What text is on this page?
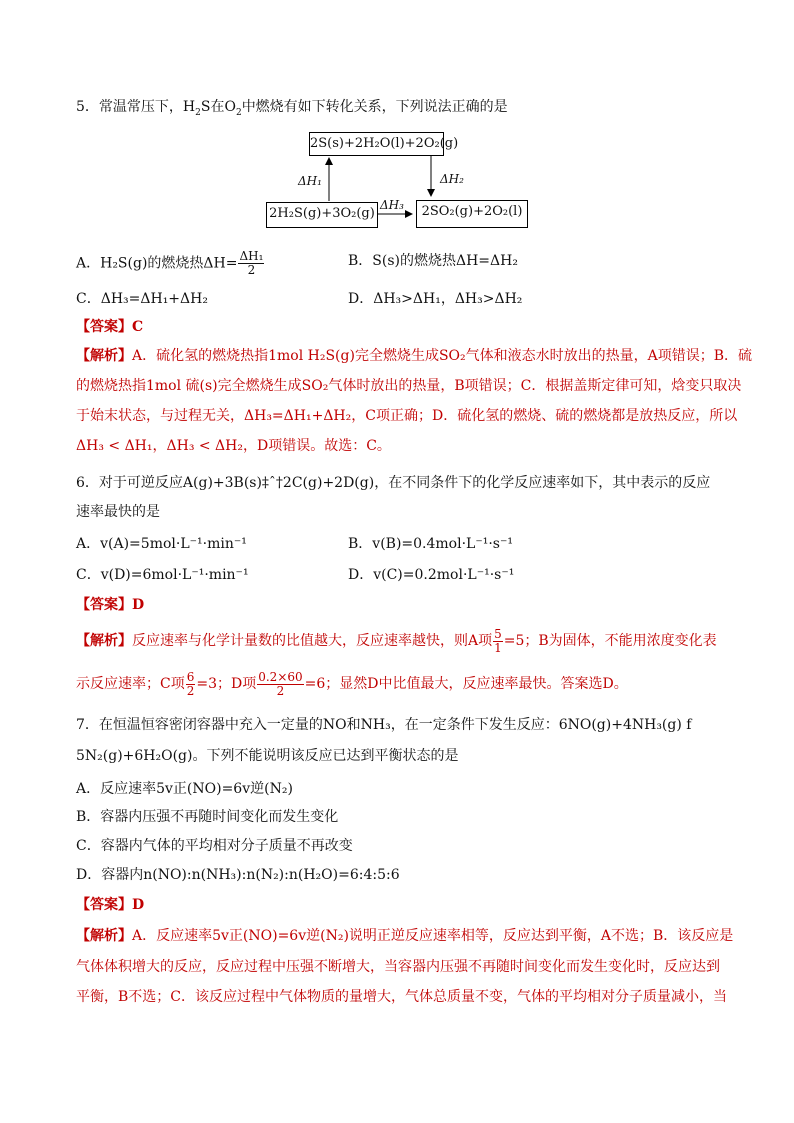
5．常温常压下，$H_2S$在$O_2$中燃烧有如下转化关系，下列说法正确的是
2S(s)+2H₂O(l)+2O₂(g)
2H₂S(g)+3O₂(g)	2SO₂(g)+2O₂(l)
ΔH₁	ΔH₂
ΔH₃
A．H₂S(g)的燃烧热$\Delta H= \frac{\text{ΔH₁}}{2}$	B．S(s)的燃烧热ΔH=ΔH₂
C．ΔH₃=ΔH₁+ΔH₂	D．ΔH₃>ΔH₁，ΔH₃>ΔH₂
【答案】C
【解析】A．硫化氢的燃烧热指1mol H₂S(g)完全燃烧生成SO₂气体和液态水时放出的热量，A项错误；B．硫
的燃烧热指1mol 硫(s)完全燃烧生成SO₂气体时放出的热量，B项错误；C．根据盖斯定律可知，焓变只取决
于始末状态，与过程无关，ΔH₃=ΔH₁+ΔH₂，C项正确；D．硫化氢的燃烧、硫的燃烧都是放热反应，所以
ΔH₃ < ΔH₁，ΔH₃ < ΔH₂，D项错误。故选：C。
6．对于可逆反应A(g)+3B(s)‡ˆ†2C(g)+2D(g)，在不同条件下的化学反应速率如下，其中表示的反应
速率最快的是
A．v(A)=5mol·L⁻¹·min⁻¹	B．v(B)=0.4mol·L⁻¹·s⁻¹
C．v(D)=6mol·L⁻¹·min⁻¹	D．v(C)=0.2mol·L⁻¹·s⁻¹
【答案】D
【解析】反应速率与化学计量数的比值越大，反应速率越快，则A项 $\frac{5}{1} =5$；B为固体，不能用浓度变化表
示反应速率；C项 $\frac{6}{2} =3$；D项 $\frac{0.2\times 60}{2} =6$；显然D中比值最大，反应速率最快。答案选D。
7．在恒温恒容密闭容器中充入一定量的NO和NH₃，在一定条件下发生反应：6NO(g)+4NH₃(g) f
5N₂(g)+6H₂O(g)。下列不能说明该反应已达到平衡状态的是
A．反应速率5v正(NO)=6v逆(N₂)
B．容器内压强不再随时间变化而发生变化
C．容器内气体的平均相对分子质量不再改变
D．容器内n(NO):n(NH₃):n(N₂):n(H₂O)=6:4:5:6
【答案】D
【解析】A．反应速率5v正(NO)=6v逆(N₂)说明正逆反应速率相等，反应达到平衡，A不选；B．该反应是
气体体积增大的反应，反应过程中压强不断增大，当容器内压强不再随时间变化而发生变化时，反应达到
平衡，B不选；C．该反应过程中气体物质的量增大，气体总质量不变，气体的平均相对分子质量减小，当
